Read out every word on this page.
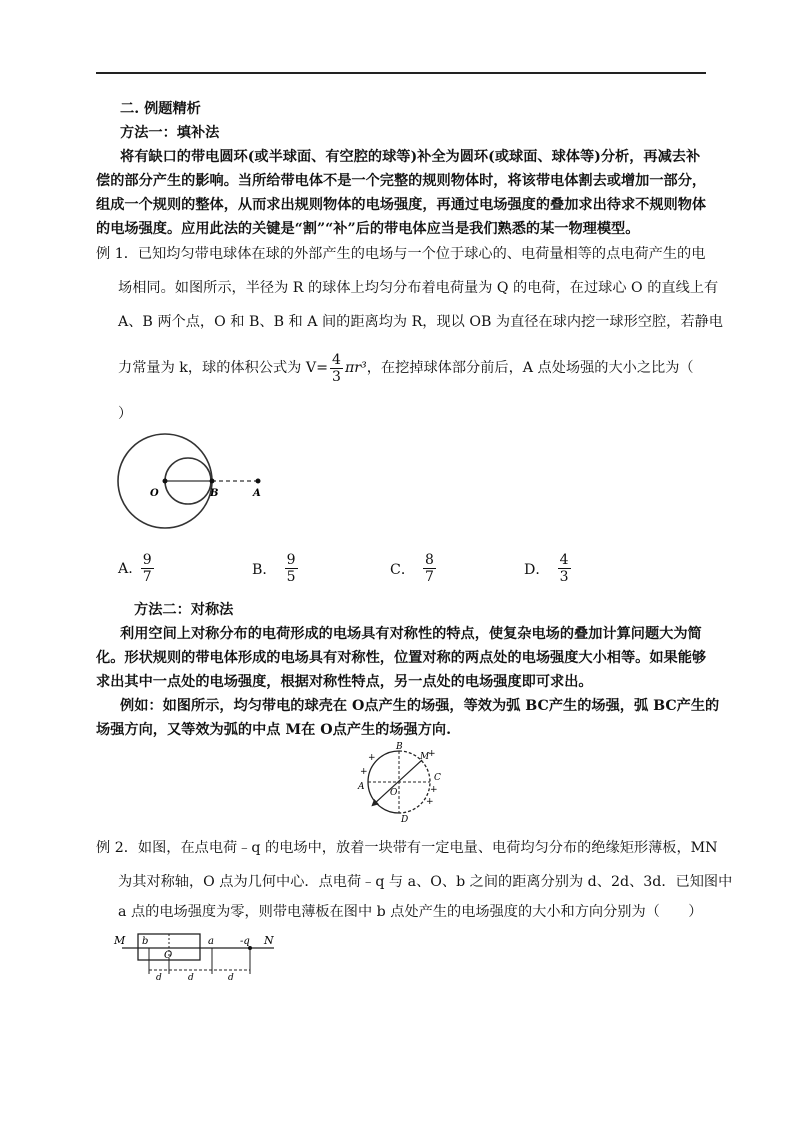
二. 例题精析
方法一：填补法
将有缺口的带电圆环(或半球面、有空腔的球等)补全为圆环(或球面、球体等)分析，再减去补
偿的部分产生的影响。当所给带电体不是一个完整的规则物体时，将该带电体割去或增加一部分，
组成一个规则的整体，从而求出规则物体的电场强度，再通过电场强度的叠加求出待求不规则物体
的电场强度。应用此法的关键是“割”“补”后的带电体应当是我们熟悉的某一物理模型。
例 1．已知均匀带电球体在球的外部产生的电场与一个位于球心的、电荷量相等的点电荷产生的电
场相同。如图所示，半径为 R 的球体上均匀分布着电荷量为 Q 的电荷，在过球心 O 的直线上有
A、B 两个点，O 和 B、B 和 A 间的距离均为 R，现以 OB 为直径在球内挖一球形空腔，若静电
力常量为 k，球的体积公式为 $V= \frac{4}{3} \pi r^3$，在挖掉球体部分前后，A 点处场强的大小之比为（
）
O	B	A
A. $\frac{9}{7}$	B． $\frac{9}{5}$	C． $\frac{8}{7}$	D． $\frac{4}{3}$
方法二：对称法
利用空间上对称分布的电荷形成的电场具有对称性的特点，使复杂电场的叠加计算问题大为简
化。形状规则的带电体形成的电场具有对称性，位置对称的两点处的电场强度大小相等。如果能够
求出其中一点处的电场强度，根据对称性特点，另一点处的电场强度即可求出。
例如：如图所示，均匀带电的球壳在 O点产生的场强，等效为弧 BC产生的场强，弧 BC产生的
场强方向，又等效为弧的中点 M在 O点产生的场强方向.
B
M
C
A
O
D
+
+
+
+
+
例 2．如图，在点电荷﹣q 的电场中，放着一块带有一定电量、电荷均匀分布的绝缘矩形薄板，MN
为其对称轴，O 点为几何中心．点电荷﹣q 与 a、O、b 之间的距离分别为 d、2d、3d．已知图中
a 点的电场强度为零，则带电薄板在图中 b 点处产生的电场强度的大小和方向分别为（　　）
M b
O
a	-q N
d	d	d
